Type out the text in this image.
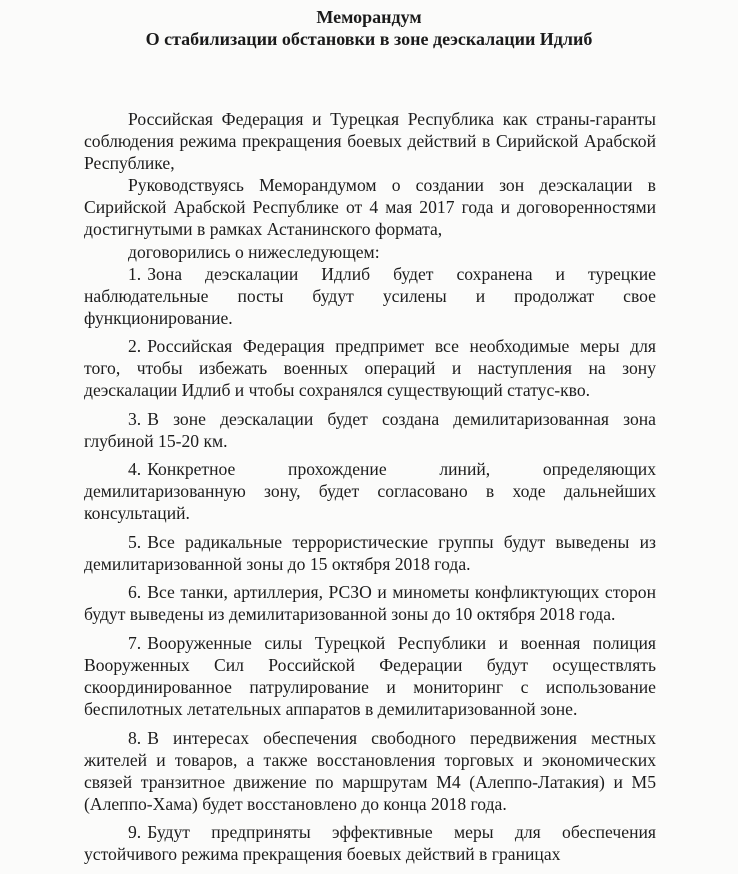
Меморандум
О стабилизации обстановки в зоне деэскалации Идлиб

Российская Федерация и Турецкая Республика как страны-гаранты соблюдения режима прекращения боевых действий в Сирийской Арабской Республике,

Руководствуясь Меморандумом о создании зон деэскалации в Сирийской Арабской Республике от 4 мая 2017 года и договоренностями достигнутыми в рамках Астанинского формата,

договорились о нижеследующем:

1. Зона деэскалации Идлиб будет сохранена и турецкие наблюдательные посты будут усилены и продолжат свое функционирование.

2. Российская Федерация предпримет все необходимые меры для того, чтобы избежать военных операций и наступления на зону деэскалации Идлиб и чтобы сохранялся существующий статус-кво.

3. В зоне деэскалации будет создана демилитаризованная зона глубиной 15-20 км.

4. Конкретное прохождение линий, определяющих демилитаризованную зону, будет согласовано в ходе дальнейших консультаций.

5. Все радикальные террористические группы будут выведены из демилитаризованной зоны до 15 октября 2018 года.

6. Все танки, артиллерия, РСЗО и минометы конфликтующих сторон будут выведены из демилитаризованной зоны до 10 октября 2018 года.

7. Вооруженные силы Турецкой Республики и военная полиция Вооруженных Сил Российской Федерации будут осуществлять скоординированное патрулирование и мониторинг с использование беспилотных летательных аппаратов в демилитаризованной зоне.

8. В интересах обеспечения свободного передвижения местных жителей и товаров, а также восстановления торговых и экономических связей транзитное движение по маршрутам М4 (Алеппо-Латакия) и М5 (Алеппо-Хама) будет восстановлено до конца 2018 года.

9. Будут предприняты эффективные меры для обеспечения устойчивого режима прекращения боевых действий в границах
